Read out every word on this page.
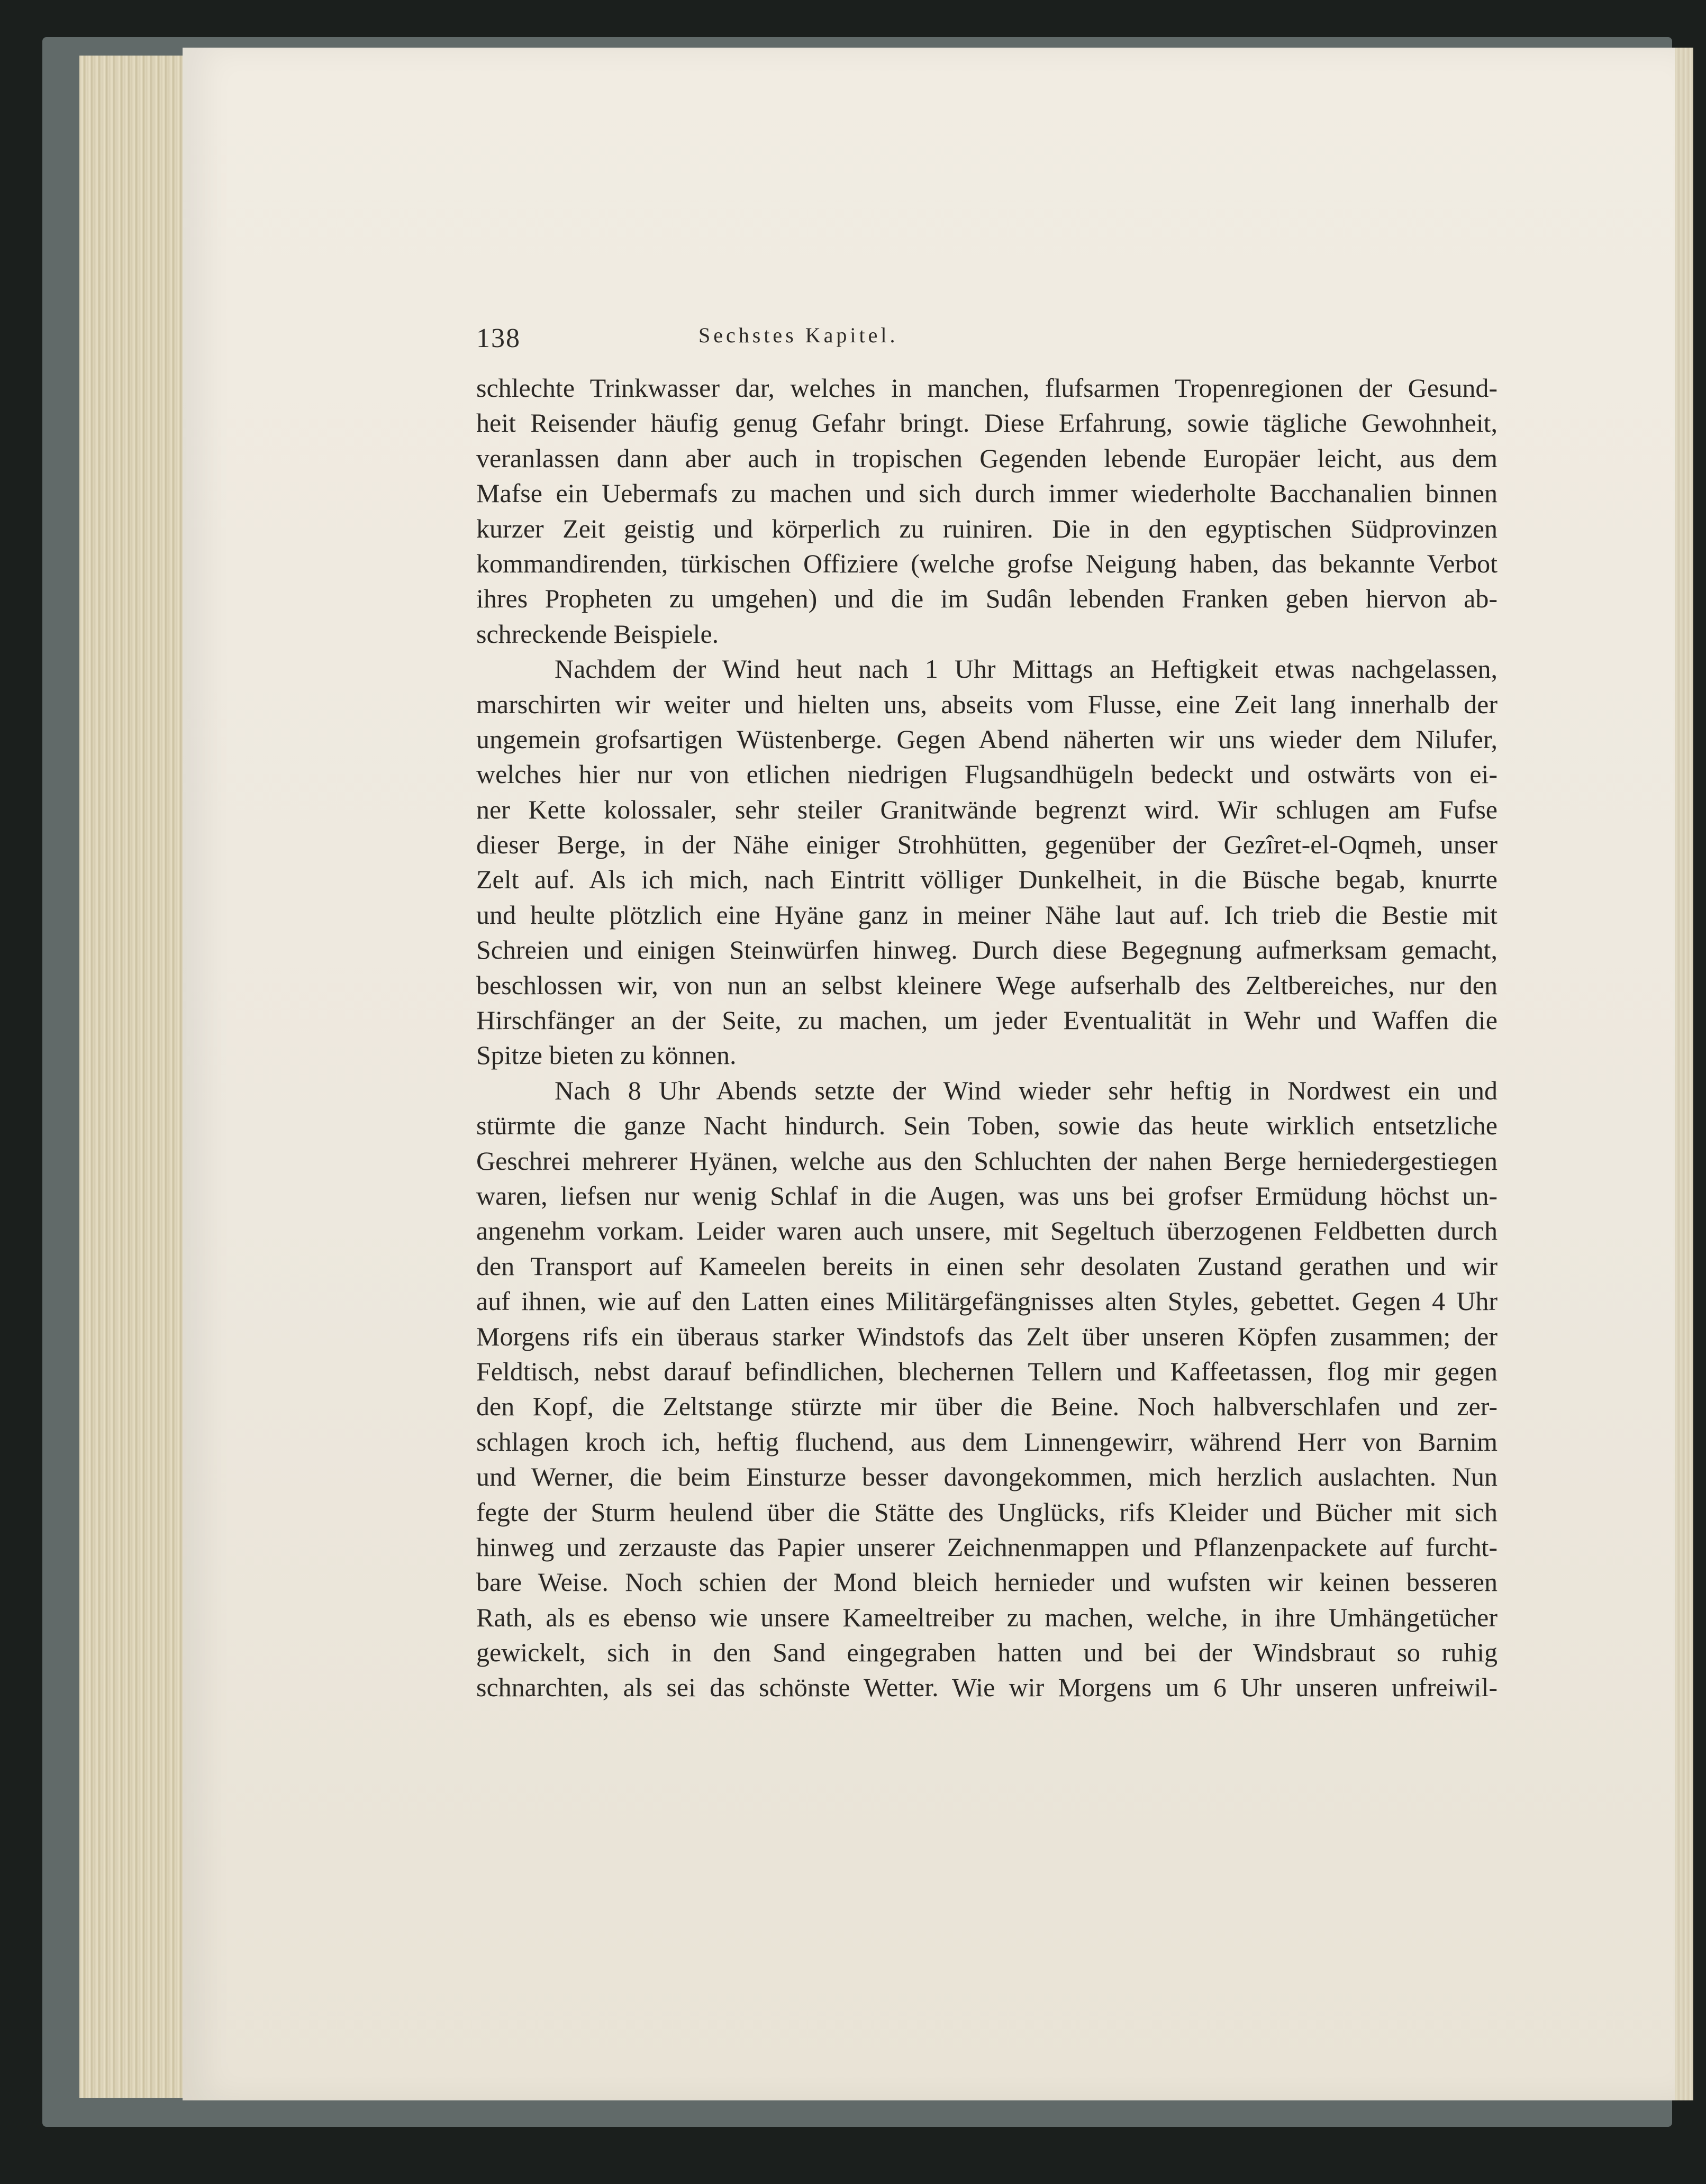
138	Sechstes Kapitel.
schlechte Trinkwasser dar, welches in manchen, flufsarmen Tropenregionen der Gesund-
heit Reisender häufig genug Gefahr bringt. Diese Erfahrung, sowie tägliche Gewohnheit,
veranlassen dann aber auch in tropischen Gegenden lebende Europäer leicht, aus dem
Mafse ein Uebermafs zu machen und sich durch immer wiederholte Bacchanalien binnen
kurzer Zeit geistig und körperlich zu ruiniren. Die in den egyptischen Südprovinzen
kommandirenden, türkischen Offiziere (welche grofse Neigung haben, das bekannte Verbot
ihres Propheten zu umgehen) und die im Sudân lebenden Franken geben hiervon ab-
schreckende Beispiele.
Nachdem der Wind heut nach 1 Uhr Mittags an Heftigkeit etwas nachgelassen,
marschirten wir weiter und hielten uns, abseits vom Flusse, eine Zeit lang innerhalb der
ungemein grofsartigen Wüstenberge. Gegen Abend näherten wir uns wieder dem Nilufer,
welches hier nur von etlichen niedrigen Flugsandhügeln bedeckt und ostwärts von ei-
ner Kette kolossaler, sehr steiler Granitwände begrenzt wird. Wir schlugen am Fufse
dieser Berge, in der Nähe einiger Strohhütten, gegenüber der Gezîret-el-Oqmeh, unser
Zelt auf. Als ich mich, nach Eintritt völliger Dunkelheit, in die Büsche begab, knurrte
und heulte plötzlich eine Hyäne ganz in meiner Nähe laut auf. Ich trieb die Bestie mit
Schreien und einigen Steinwürfen hinweg. Durch diese Begegnung aufmerksam gemacht,
beschlossen wir, von nun an selbst kleinere Wege aufserhalb des Zeltbereiches, nur den
Hirschfänger an der Seite, zu machen, um jeder Eventualität in Wehr und Waffen die
Spitze bieten zu können.
Nach 8 Uhr Abends setzte der Wind wieder sehr heftig in Nordwest ein und
stürmte die ganze Nacht hindurch. Sein Toben, sowie das heute wirklich entsetzliche
Geschrei mehrerer Hyänen, welche aus den Schluchten der nahen Berge herniedergestiegen
waren, liefsen nur wenig Schlaf in die Augen, was uns bei grofser Ermüdung höchst un-
angenehm vorkam. Leider waren auch unsere, mit Segeltuch überzogenen Feldbetten durch
den Transport auf Kameelen bereits in einen sehr desolaten Zustand gerathen und wir
auf ihnen, wie auf den Latten eines Militärgefängnisses alten Styles, gebettet. Gegen 4 Uhr
Morgens rifs ein überaus starker Windstofs das Zelt über unseren Köpfen zusammen; der
Feldtisch, nebst darauf befindlichen, blechernen Tellern und Kaffeetassen, flog mir gegen
den Kopf, die Zeltstange stürzte mir über die Beine. Noch halbverschlafen und zer-
schlagen kroch ich, heftig fluchend, aus dem Linnengewirr, während Herr von Barnim
und Werner, die beim Einsturze besser davongekommen, mich herzlich auslachten. Nun
fegte der Sturm heulend über die Stätte des Unglücks, rifs Kleider und Bücher mit sich
hinweg und zerzauste das Papier unserer Zeichnenmappen und Pflanzenpackete auf furcht-
bare Weise. Noch schien der Mond bleich hernieder und wufsten wir keinen besseren
Rath, als es ebenso wie unsere Kameeltreiber zu machen, welche, in ihre Umhängetücher
gewickelt, sich in den Sand eingegraben hatten und bei der Windsbraut so ruhig
schnarchten, als sei das schönste Wetter. Wie wir Morgens um 6 Uhr unseren unfreiwil-
